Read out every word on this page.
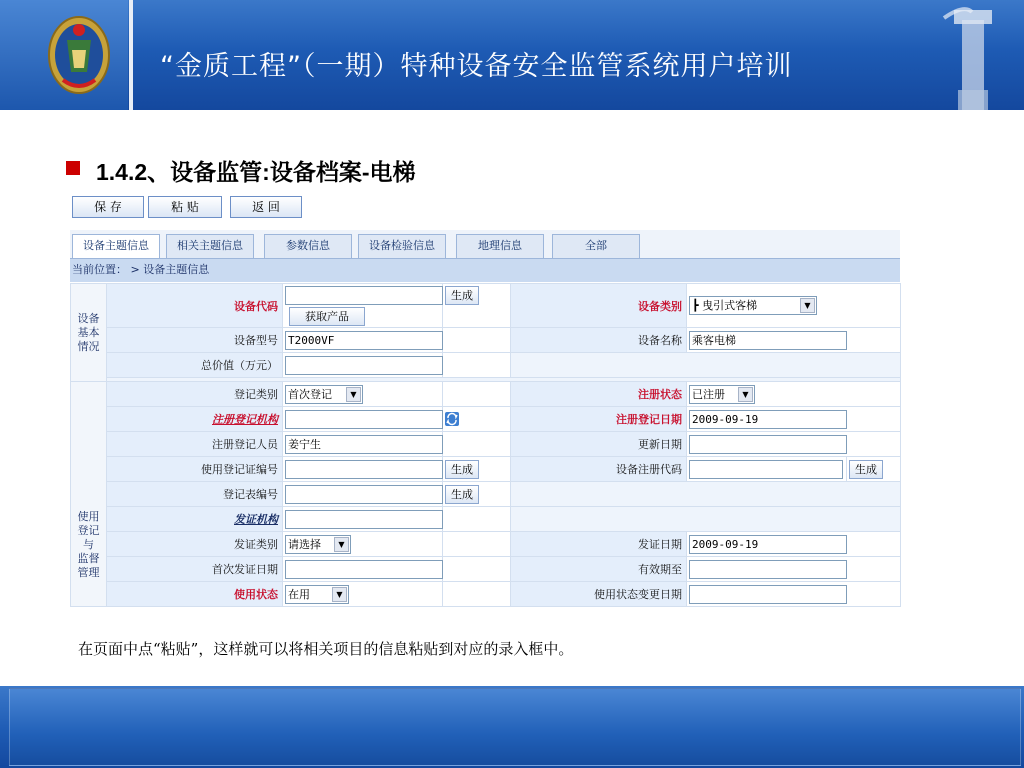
“金质工程”（一期）特种设备安全监管系统用户培训
1.4.2、设备监管:设备档案-电梯
保 存	粘 贴	返 回
设备主题信息	相关主题信息	参数信息	设备检验信息	地理信息	全部
当前位置： > 设备主题信息
设备
基本
情况	设备代码	获取产品	生成	设备类别	┣ 曳引式客梯 ▼	

	设备型号	T2000VF		设备名称	乘客电梯	
	总价值（万元）					

使用
登记
与
监督
管理	登记类别	首次登记 ▼		注册状态	已注册 ▼	

	注册登记机构			注册登记日期	2009-09-19	
	注册登记人员	姜宁生		更新日期		
	使用登记证编号		生成	设备注册代码		生成
	登记表编号		生成			
	发证机构					
	发证类别	请选择 ▼		发证日期	2009-09-19	
	首次发证日期			有效期至		
	使用状态	在用 ▼		使用状态变更日期		
在页面中点“粘贴”，这样就可以将相关项目的信息粘贴到对应的录入框中。
